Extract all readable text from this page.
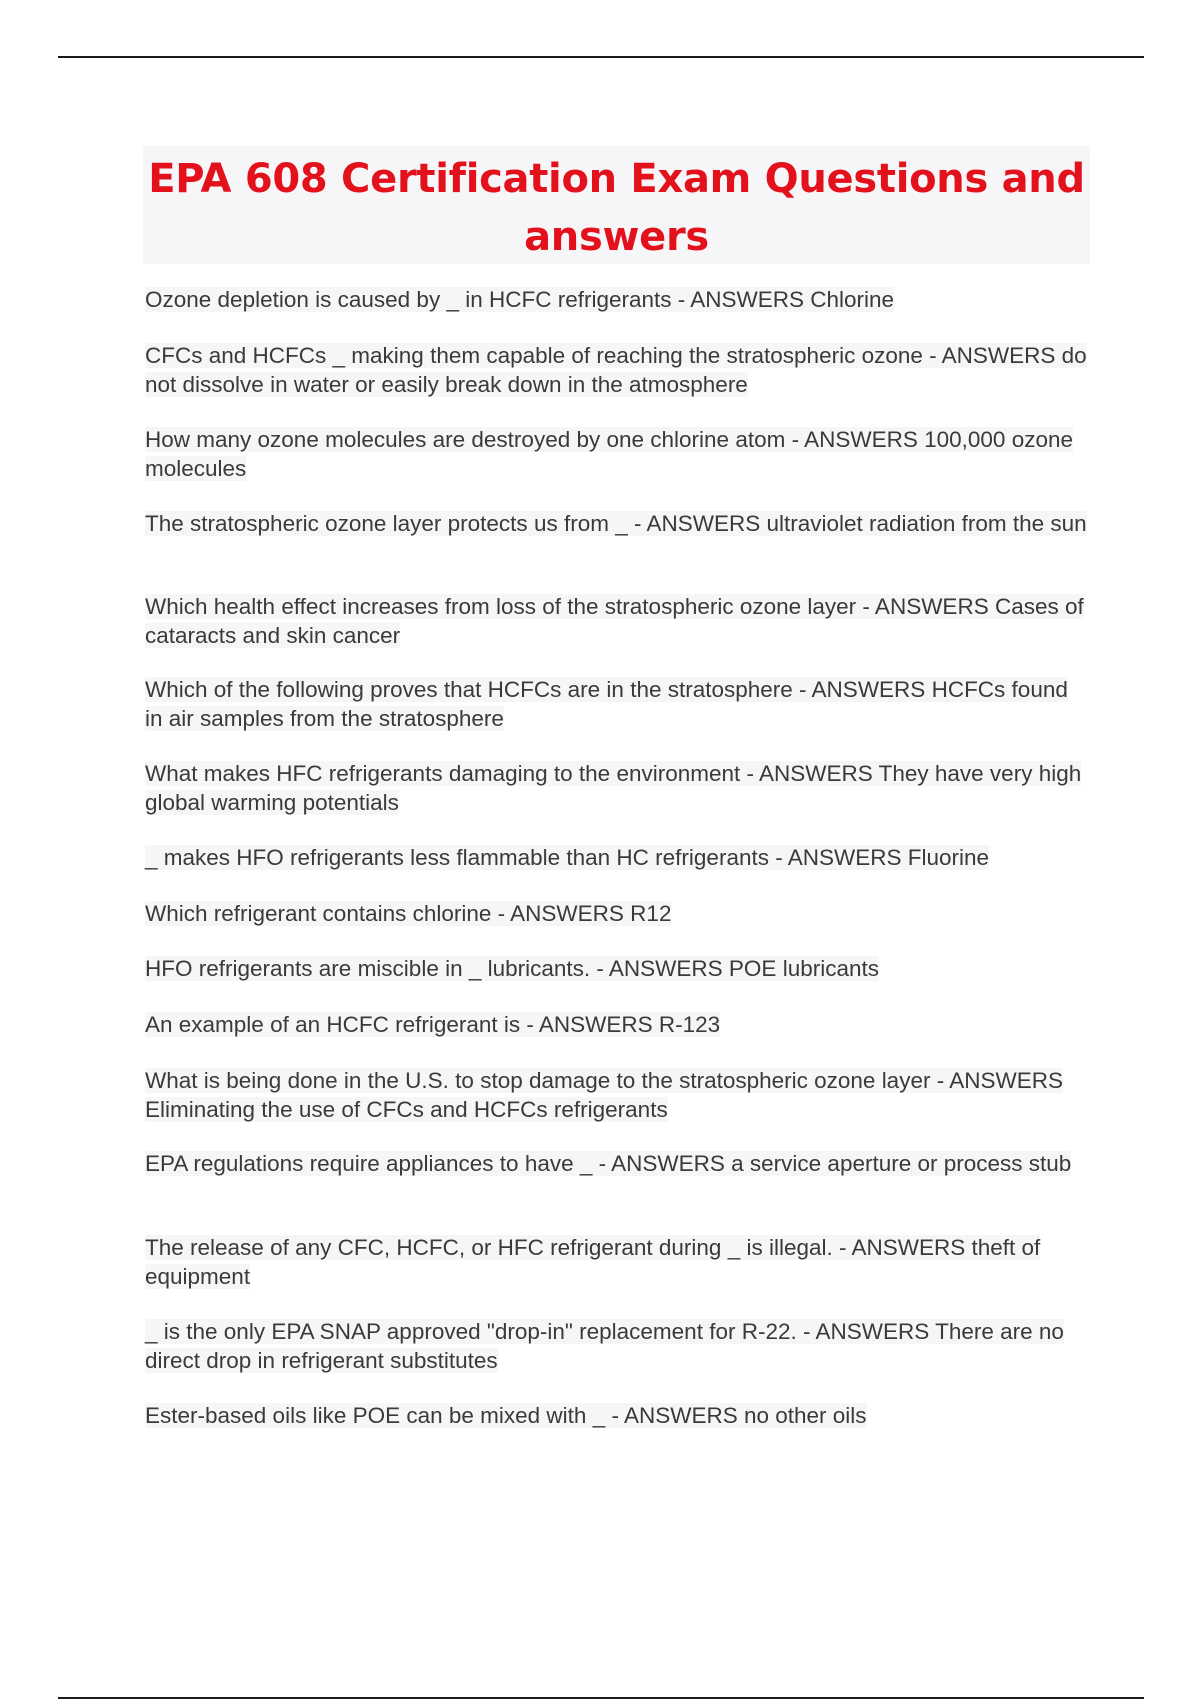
EPA 608 Certification Exam Questions and answers
Ozone depletion is caused by _ in HCFC refrigerants - ANSWERS Chlorine
CFCs and HCFCs _ making them capable of reaching the stratospheric ozone - ANSWERS do not dissolve in water or easily break down in the atmosphere
How many ozone molecules are destroyed by one chlorine atom - ANSWERS 100,000 ozone molecules
The stratospheric ozone layer protects us from _ - ANSWERS ultraviolet radiation from the sun
Which health effect increases from loss of the stratospheric ozone layer - ANSWERS Cases of cataracts and skin cancer
Which of the following proves that HCFCs are in the stratosphere - ANSWERS HCFCs found in air samples from the stratosphere
What makes HFC refrigerants damaging to the environment - ANSWERS They have very high global warming potentials
_ makes HFO refrigerants less flammable than HC refrigerants - ANSWERS Fluorine
Which refrigerant contains chlorine - ANSWERS R12
HFO refrigerants are miscible in _ lubricants. - ANSWERS POE lubricants
An example of an HCFC refrigerant is - ANSWERS R-123
What is being done in the U.S. to stop damage to the stratospheric ozone layer - ANSWERS Eliminating the use of CFCs and HCFCs refrigerants
EPA regulations require appliances to have _ - ANSWERS a service aperture or process stub
The release of any CFC, HCFC, or HFC refrigerant during _ is illegal. - ANSWERS theft of equipment
_ is the only EPA SNAP approved "drop-in" replacement for R-22. - ANSWERS There are no direct drop in refrigerant substitutes
Ester-based oils like POE can be mixed with _ - ANSWERS no other oils
